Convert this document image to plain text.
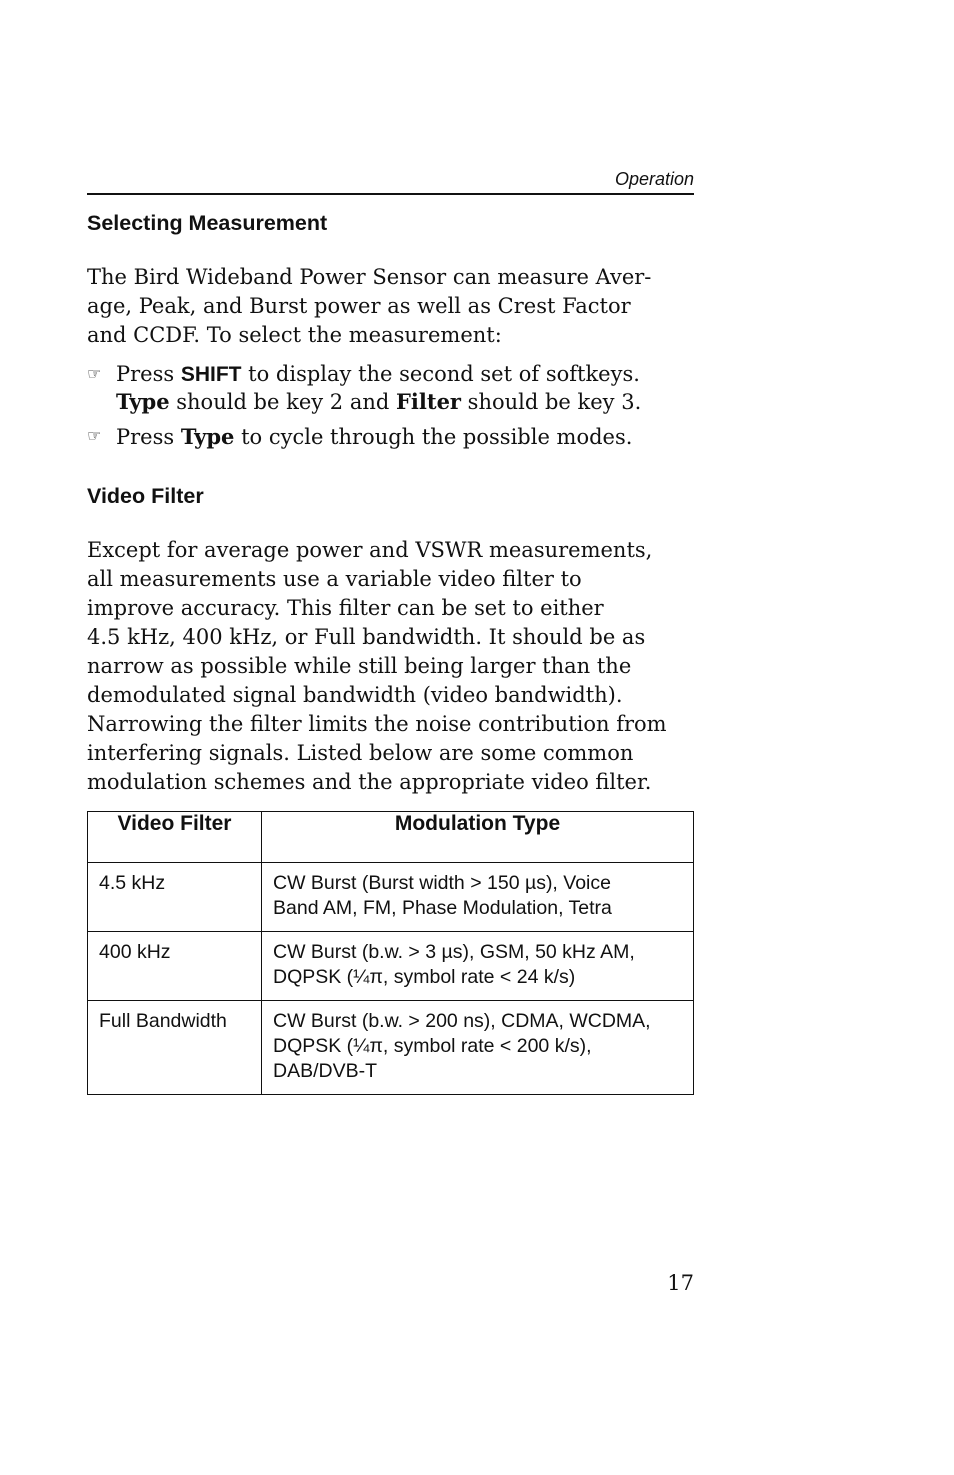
Operation
Selecting Measurement

The Bird Wideband Power Sensor can measure Aver-
age, Peak, and Burst power as well as Crest Factor
and CCDF. To select the measurement:

☞ Press SHIFT to display the second set of softkeys.
Type should be key 2 and Filter should be key 3.
☞ Press Type to cycle through the possible modes.
Video Filter

Except for average power and VSWR measurements,
all measurements use a variable video filter to
improve accuracy. This filter can be set to either
4.5 kHz, 400 kHz, or Full bandwidth. It should be as
narrow as possible while still being larger than the
demodulated signal bandwidth (video bandwidth).
Narrowing the filter limits the noise contribution from
interfering signals. Listed below are some common
modulation schemes and the appropriate video filter.

Video Filter	Modulation Type
4.5 kHz	CW Burst (Burst width > 150 µs), Voice
Band AM, FM, Phase Modulation, Tetra

400 kHz	CW Burst (b.w. > 3 µs), GSM, 50 kHz AM,
DQPSK (¼π, symbol rate < 24 k/s)

Full Bandwidth	CW Burst (b.w. > 200 ns), CDMA, WCDMA,
DQPSK (¼π, symbol rate < 200 k/s),
DAB/DVB-T
17
